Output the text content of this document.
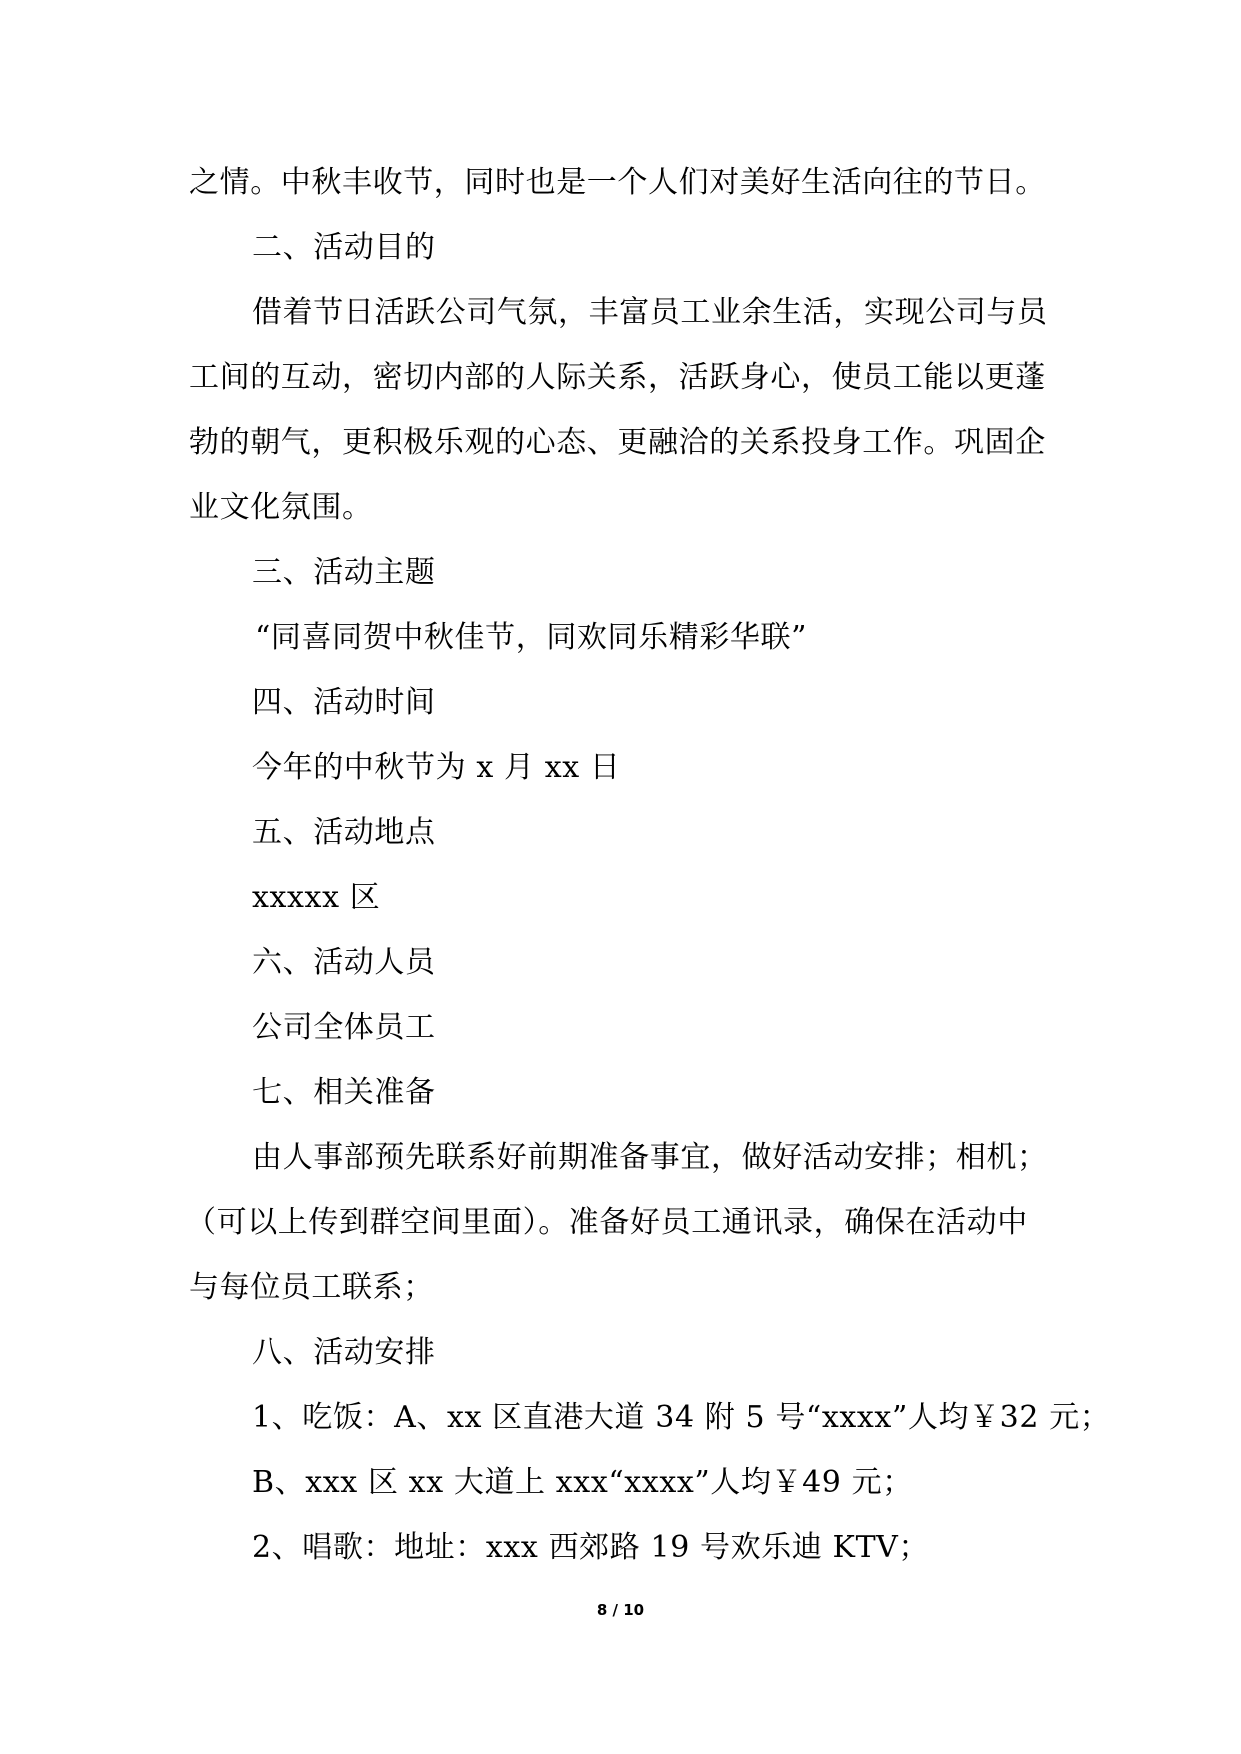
之情。中秋丰收节，同时也是一个人们对美好生活向往的节日。
二、活动目的
借着节日活跃公司气氛，丰富员工业余生活，实现公司与员
工间的互动，密切内部的人际关系，活跃身心，使员工能以更蓬
勃的朝气，更积极乐观的心态、更融洽的关系投身工作。巩固企
业文化氛围。
三、活动主题
“同喜同贺中秋佳节，同欢同乐精彩华联”
四、活动时间
今年的中秋节为 x 月 xx 日
五、活动地点
xxxxx 区
六、活动人员
公司全体员工
七、相关准备
由人事部预先联系好前期准备事宜，做好活动安排；相机；
（可以上传到群空间里面）。准备好员工通讯录，确保在活动中
与每位员工联系；
八、活动安排
1、吃饭：A、xx 区直港大道 34 附 5 号“xxxx”人均￥32 元；
B、xxx 区 xx 大道上 xxx“xxxx”人均￥49 元；
2、唱歌：地址：xxx 西郊路 19 号欢乐迪 KTV；
8 / 10
